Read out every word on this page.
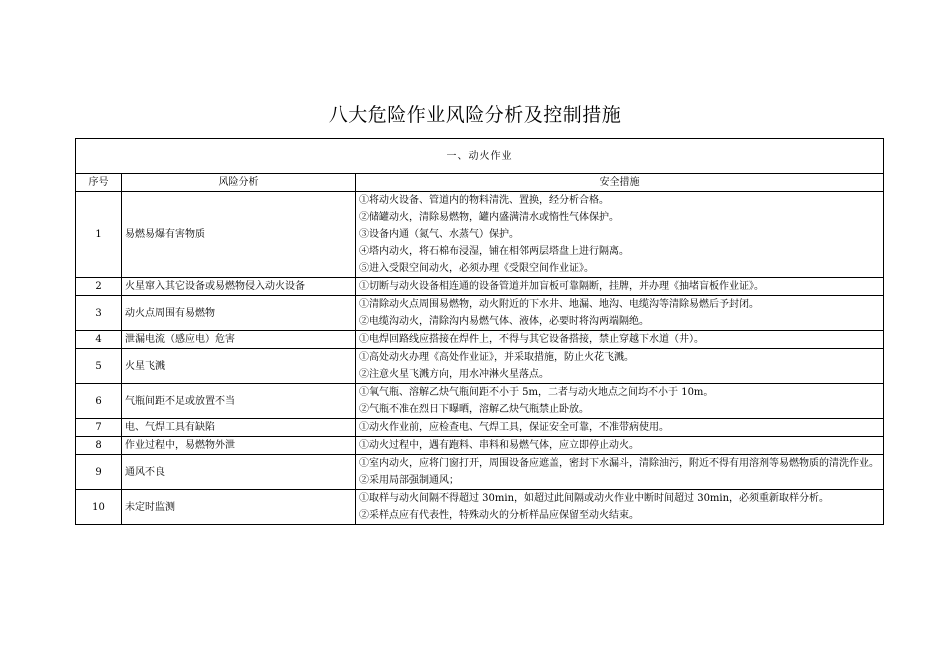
八大危险作业风险分析及控制措施
一、动火作业		
序号	风险分析	安全措施
1	易燃易爆有害物质	①将动火设备、管道内的物料清洗、置换，经分析合格。
②储罐动火，清除易燃物，罐内盛满清水或惰性气体保护。
③设备内通（氮气、水蒸气）保护。
④塔内动火，将石棉布浸湿，铺在相邻两层塔盘上进行隔离。
⑤进入受限空间动火，必须办理《受限空间作业证》。

2	火星窜入其它设备或易燃物侵入动火设备	①切断与动火设备相连通的设备管道并加盲板可靠隔断，挂牌，并办理《抽堵盲板作业证》。

3	动火点周围有易燃物	①清除动火点周围易燃物，动火附近的下水井、地漏、地沟、电缆沟等清除易燃后予封闭。
②电缆沟动火，清除沟内易燃气体、液体，必要时将沟两端隔绝。

4	泄漏电流（感应电）危害	①电焊回路线应搭接在焊件上，不得与其它设备搭接，禁止穿越下水道（井）。

5	火星飞溅	①高处动火办理《高处作业证》，并采取措施，防止火花飞溅。
②注意火星飞溅方向，用水冲淋火星落点。

6	气瓶间距不足或放置不当	①氧气瓶、溶解乙炔气瓶间距不小于 5m，二者与动火地点之间均不小于 10m。
②气瓶不准在烈日下曝晒，溶解乙炔气瓶禁止卧放。

7	电、气焊工具有缺陷	①动火作业前，应检查电、气焊工具，保证安全可靠，不准带病使用。

8	作业过程中，易燃物外泄	①动火过程中，遇有跑料、串料和易燃气体，应立即停止动火。

9	通风不良	①室内动火，应将门窗打开，周围设备应遮盖，密封下水漏斗，清除油污，附近不得有用溶剂等易燃物质的清洗作业。
②采用局部强制通风；

10	未定时监测	①取样与动火间隔不得超过 30min，如超过此间隔或动火作业中断时间超过 30min，必须重新取样分析。
②采样点应有代表性，特殊动火的分析样品应保留至动火结束。
